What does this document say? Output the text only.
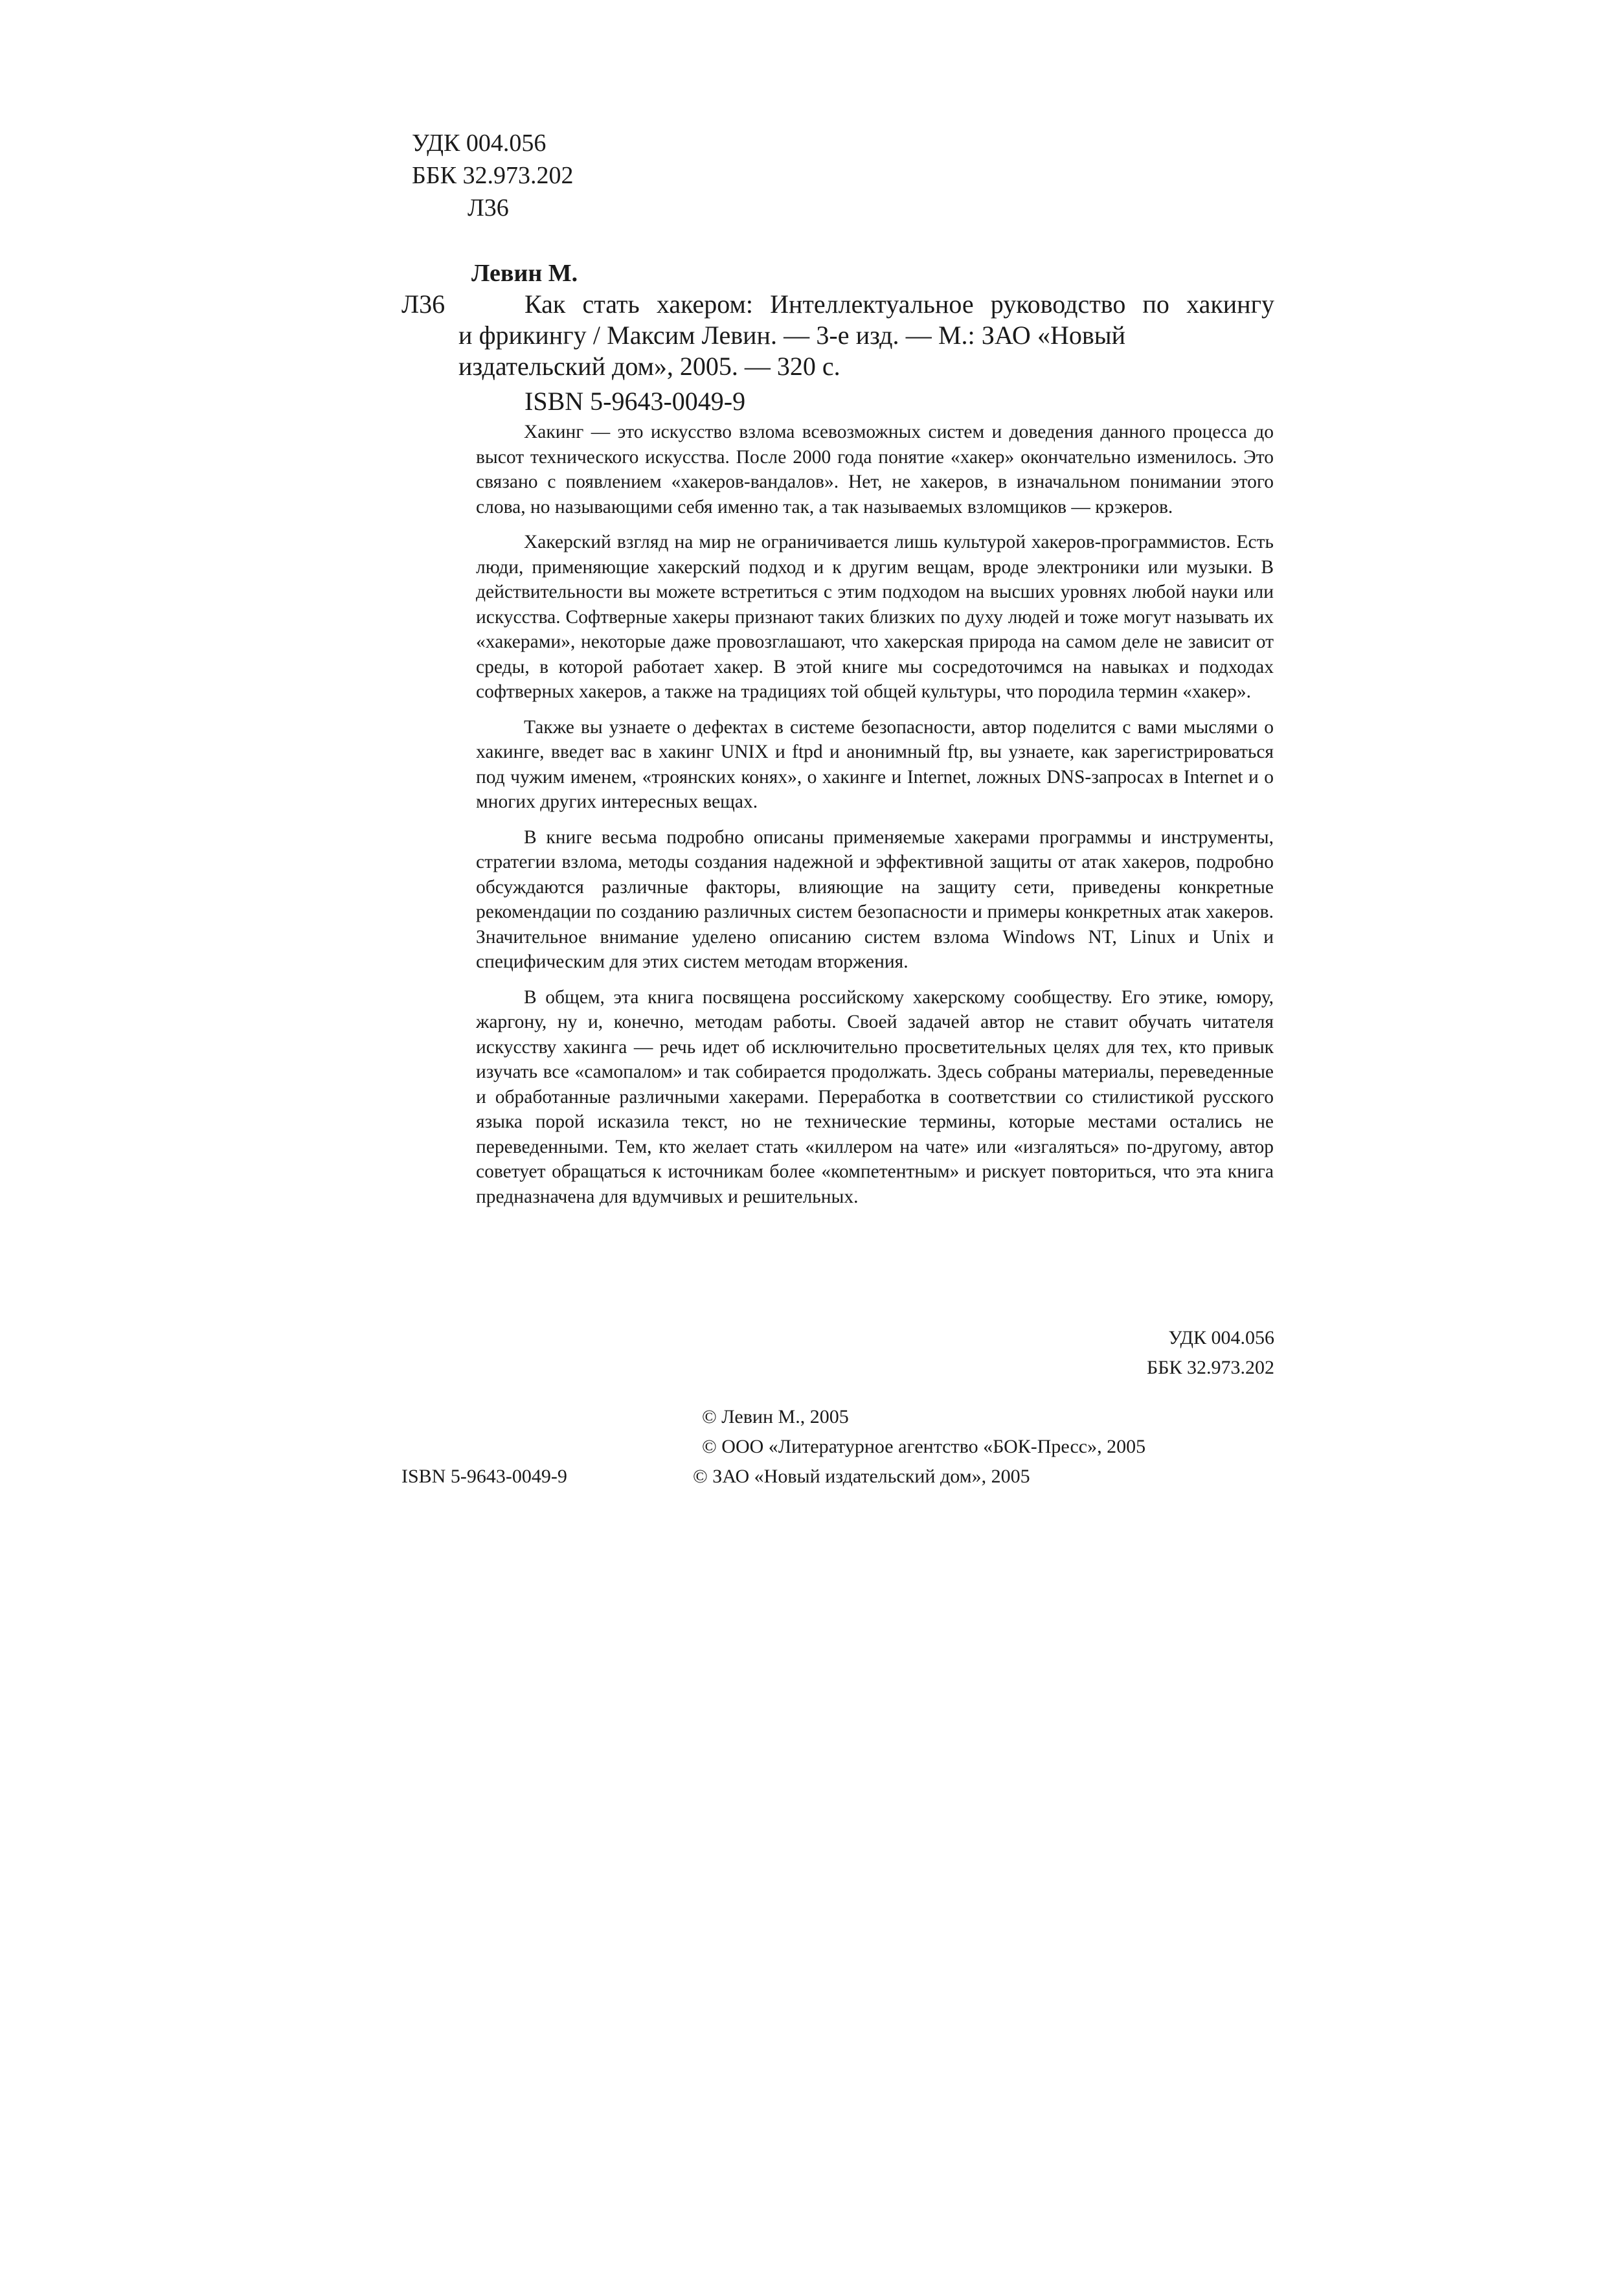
УДК 004.056
ББК 32.973.202
Л36
Левин М.
Л36	Как стать хакером: Интеллектуальное руководство по хакингу
и фрикингу / Максим Левин. — 3-е изд. — М.: ЗАО «Новый
издательский дом», 2005. — 320 с.
ISBN 5-9643-0049-9

Хакинг — это искусство взлома всевозможных систем и доведения данного процесса до высот технического искусства. После 2000 года понятие «хакер» окончательно изменилось. Это связано с появлением «хакеров-вандалов». Нет, не хакеров, в изначальном понимании этого слова, но называющими себя именно так, а так называемых взломщиков — крэкеров.

Хакерский взгляд на мир не ограничивается лишь культурой хакеров-программистов. Есть люди, применяющие хакерский подход и к другим вещам, вроде электроники или музыки. В действительности вы можете встретиться с этим подходом на высших уровнях любой науки или искусства. Софтверные хакеры признают таких близких по духу людей и тоже могут называть их «хакерами», некоторые даже провозглашают, что хакерская природа на самом деле не зависит от среды, в которой работает хакер. В этой книге мы сосредоточимся на навыках и подходах софтверных хакеров, а также на традициях той общей культуры, что породила термин «хакер».

Также вы узнаете о дефектах в системе безопасности, автор поделится с вами мыслями о хакинге, введет вас в хакинг UNIX и ftpd и анонимный ftp, вы узнаете, как зарегистрироваться под чужим именем, «троянских конях», о хакинге и Internet, ложных DNS-запросах в Internet и о многих других интересных вещах.

В книге весьма подробно описаны применяемые хакерами программы и инструменты, стратегии взлома, методы создания надежной и эффективной защиты от атак хакеров, подробно обсуждаются различные факторы, влияющие на защиту сети, приведены конкретные рекомендации по созданию различных систем безопасности и примеры конкретных атак хакеров. Значительное внимание уделено описанию систем взлома Windows NT, Linux и Unix и специфическим для этих систем методам вторжения.

В общем, эта книга посвящена российскому хакерскому сообществу. Его этике, юмору, жаргону, ну и, конечно, методам работы. Своей задачей автор не ставит обучать читателя искусству хакинга — речь идет об исключительно просветительных целях для тех, кто привык изучать все «самопалом» и так собирается продолжать. Здесь собраны материалы, переведенные и обработанные различными хакерами. Переработка в соответствии со стилистикой русского языка порой исказила текст, но не технические термины, которые местами остались не переведенными. Тем, кто желает стать «киллером на чате» или «изгаляться» по-другому, автор советует обращаться к источникам более «компетентным» и рискует повториться, что эта книга предназначена для вдумчивых и решительных.

УДК 004.056
ББК 32.973.202
© Левин М., 2005
© ООО «Литературное агентство «БОК-Пресс», 2005
ISBN 5-9643-0049-9	© ЗАО «Новый издательский дом», 2005
